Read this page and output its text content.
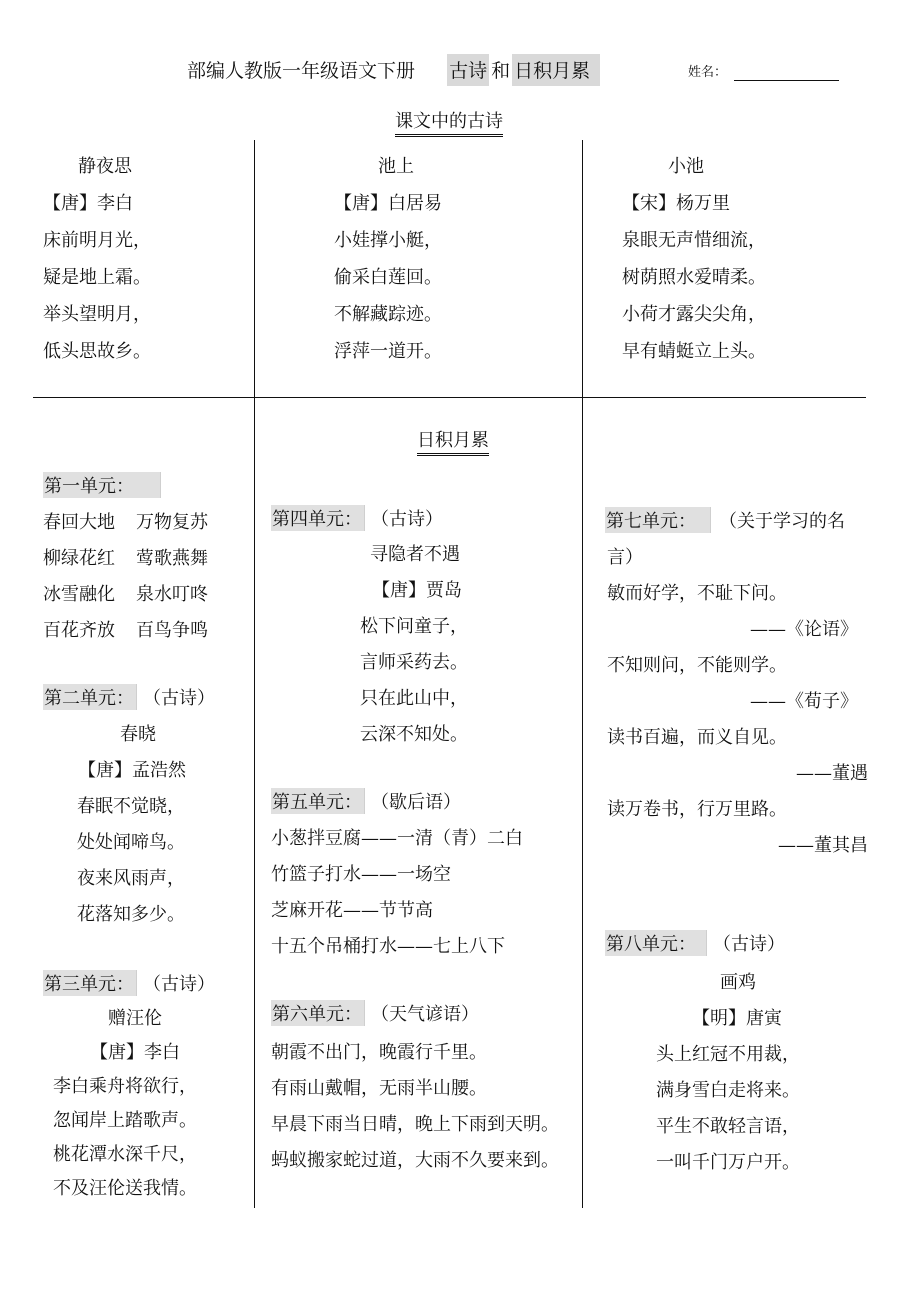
部编人教版一年级语文下册 古诗 和 日积月累	姓名：
课文中的古诗
静夜思
【唐】李白
床前明月光，
疑是地上霜。
举头望明月，
低头思故乡。
池上
【唐】白居易
小娃撑小艇，
偷采白莲回。
不解藏踪迹。
浮萍一道开。
小池
【宋】杨万里
泉眼无声惜细流，
树荫照水爱晴柔。
小荷才露尖尖角，
早有蜻蜓立上头。
日积月累
第一单元：
春回大地 万物复苏
柳绿花红 莺歌燕舞
冰雪融化 泉水叮咚
百花齐放 百鸟争鸣
第二单元： （古诗）
春晓
【唐】孟浩然
春眠不觉晓，
处处闻啼鸟。
夜来风雨声，
花落知多少。
第三单元： （古诗）
赠汪伦
【唐】李白
李白乘舟将欲行，
忽闻岸上踏歌声。
桃花潭水深千尺，
不及汪伦送我情。
第四单元： （古诗）
寻隐者不遇
【唐】贾岛
松下问童子，
言师采药去。
只在此山中，
云深不知处。
第五单元： （歇后语）
小葱拌豆腐——一清（青）二白
竹篮子打水——一场空
芝麻开花——节节高
十五个吊桶打水——七上八下
第六单元： （天气谚语）
朝霞不出门，晚霞行千里。
有雨山戴帽，无雨半山腰。
早晨下雨当日晴，晚上下雨到天明。
蚂蚁搬家蛇过道，大雨不久要来到。
第七单元： （关于学习的名
言）
敏而好学，不耻下问。
——《论语》
不知则问，不能则学。
——《荀子》
读书百遍，而义自见。
——董遇
读万卷书，行万里路。
——董其昌
第八单元： （古诗）
画鸡
【明】唐寅
头上红冠不用裁，
满身雪白走将来。
平生不敢轻言语，
一叫千门万户开。
